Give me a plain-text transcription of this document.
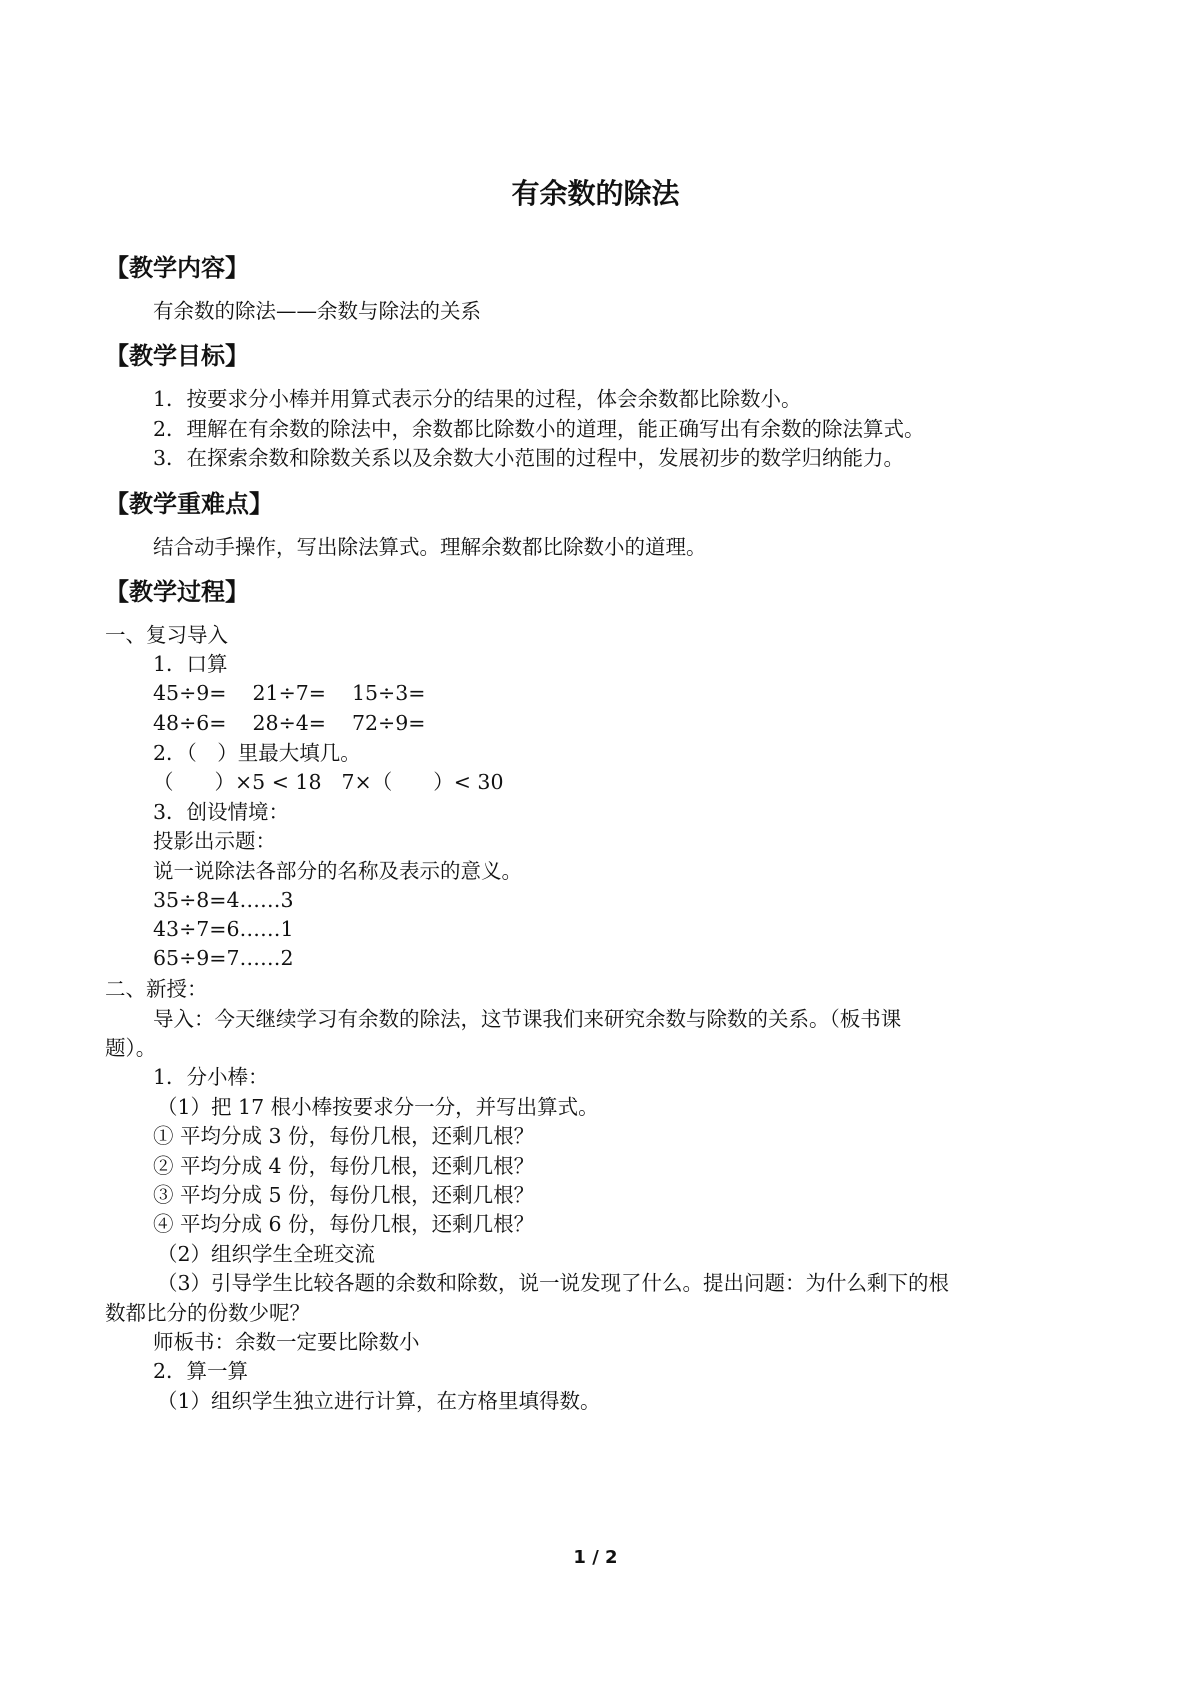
有余数的除法
【教学内容】
有余数的除法——余数与除法的关系
【教学目标】
1．按要求分小棒并用算式表示分的结果的过程，体会余数都比除数小。
2．理解在有余数的除法中，余数都比除数小的道理，能正确写出有余数的除法算式。
3．在探索余数和除数关系以及余数大小范围的过程中，发展初步的数学归纳能力。
【教学重难点】
结合动手操作，写出除法算式。理解余数都比除数小的道理。
【教学过程】
一、复习导入
1．口算
45÷9= 21÷7= 15÷3=
48÷6= 28÷4= 72÷9=
2．（　）里最大填几。
（　　）×5 < 18 7×（　　）< 30
3．创设情境：
投影出示题：
说一说除法各部分的名称及表示的意义。
35÷8=4……3
43÷7=6……1
65÷9=7……2
二、新授：
导入：今天继续学习有余数的除法，这节课我们来研究余数与除数的关系。（板书课
题）。
1．分小棒：
（1）把 17 根小棒按要求分一分，并写出算式。
① 平均分成 3 份，每份几根，还剩几根？
② 平均分成 4 份，每份几根，还剩几根？
③ 平均分成 5 份，每份几根，还剩几根？
④ 平均分成 6 份，每份几根，还剩几根？
（2）组织学生全班交流
（3）引导学生比较各题的余数和除数，说一说发现了什么。提出问题：为什么剩下的根
数都比分的份数少呢？
师板书：余数一定要比除数小
2．算一算
（1）组织学生独立进行计算，在方格里填得数。
1 / 2
